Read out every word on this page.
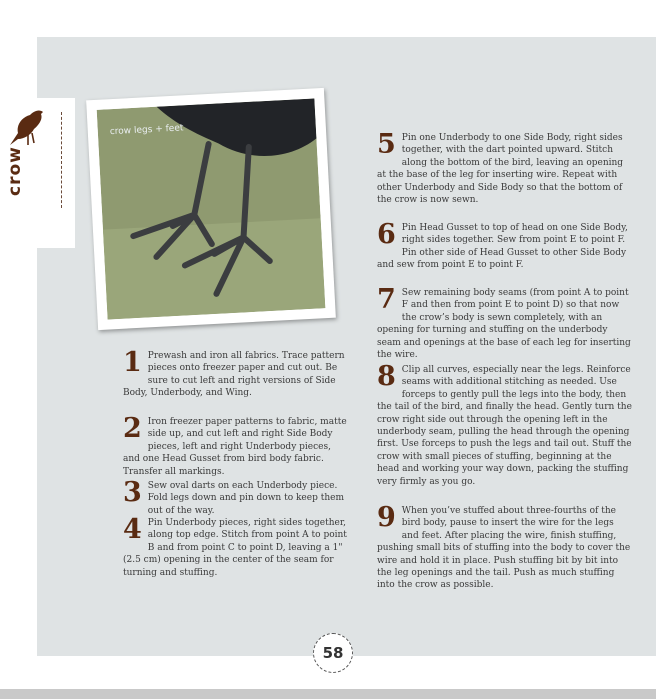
crow
crow legs + feet
1 Prewash and iron all fabrics. Trace pattern pieces onto freezer paper and cut out. Be sure to cut left and right versions of Side Body, Underbody, and Wing.
2 Iron freezer paper patterns to fabric, matte side up, and cut left and right Side Body pieces, left and right Underbody pieces, and one Head Gusset from bird body fabric. Transfer all markings.
3 Sew oval darts on each Underbody piece. Fold legs down and pin down to keep them out of the way.
4 Pin Underbody pieces, right sides together, along top edge. Stitch from point A to point B and from point C to point D, leaving a 1" (2.5 cm) opening in the center of the seam for turning and stuffing.
5 Pin one Underbody to one Side Body, right sides together, with the dart pointed upward. Stitch along the bottom of the bird, leaving an opening at the base of the leg for inserting wire. Repeat with other Underbody and Side Body so that the bottom of the crow is now sewn.
6 Pin Head Gusset to top of head on one Side Body, right sides together. Sew from point E to point F. Pin other side of Head Gusset to other Side Body and sew from point E to point F.
7 Sew remaining body seams (from point A to point F and then from point E to point D) so that now the crow’s body is sewn completely, with an opening for turning and stuffing on the underbody seam and openings at the base of each leg for inserting the wire.
8 Clip all curves, especially near the legs. Reinforce seams with additional stitching as needed. Use forceps to gently pull the legs into the body, then the tail of the bird, and finally the head. Gently turn the crow right side out through the opening left in the underbody seam, pulling the head through the opening first. Use forceps to push the legs and tail out. Stuff the crow with small pieces of stuffing, beginning at the head and working your way down, packing the stuffing very firmly as you go.
9 When you’ve stuffed about three-fourths of the bird body, pause to insert the wire for the legs and feet. After placing the wire, finish stuffing, pushing small bits of stuffing into the body to cover the wire and hold it in place. Push stuffing bit by bit into the leg openings and the tail. Push as much stuffing into the crow as possible.
58
